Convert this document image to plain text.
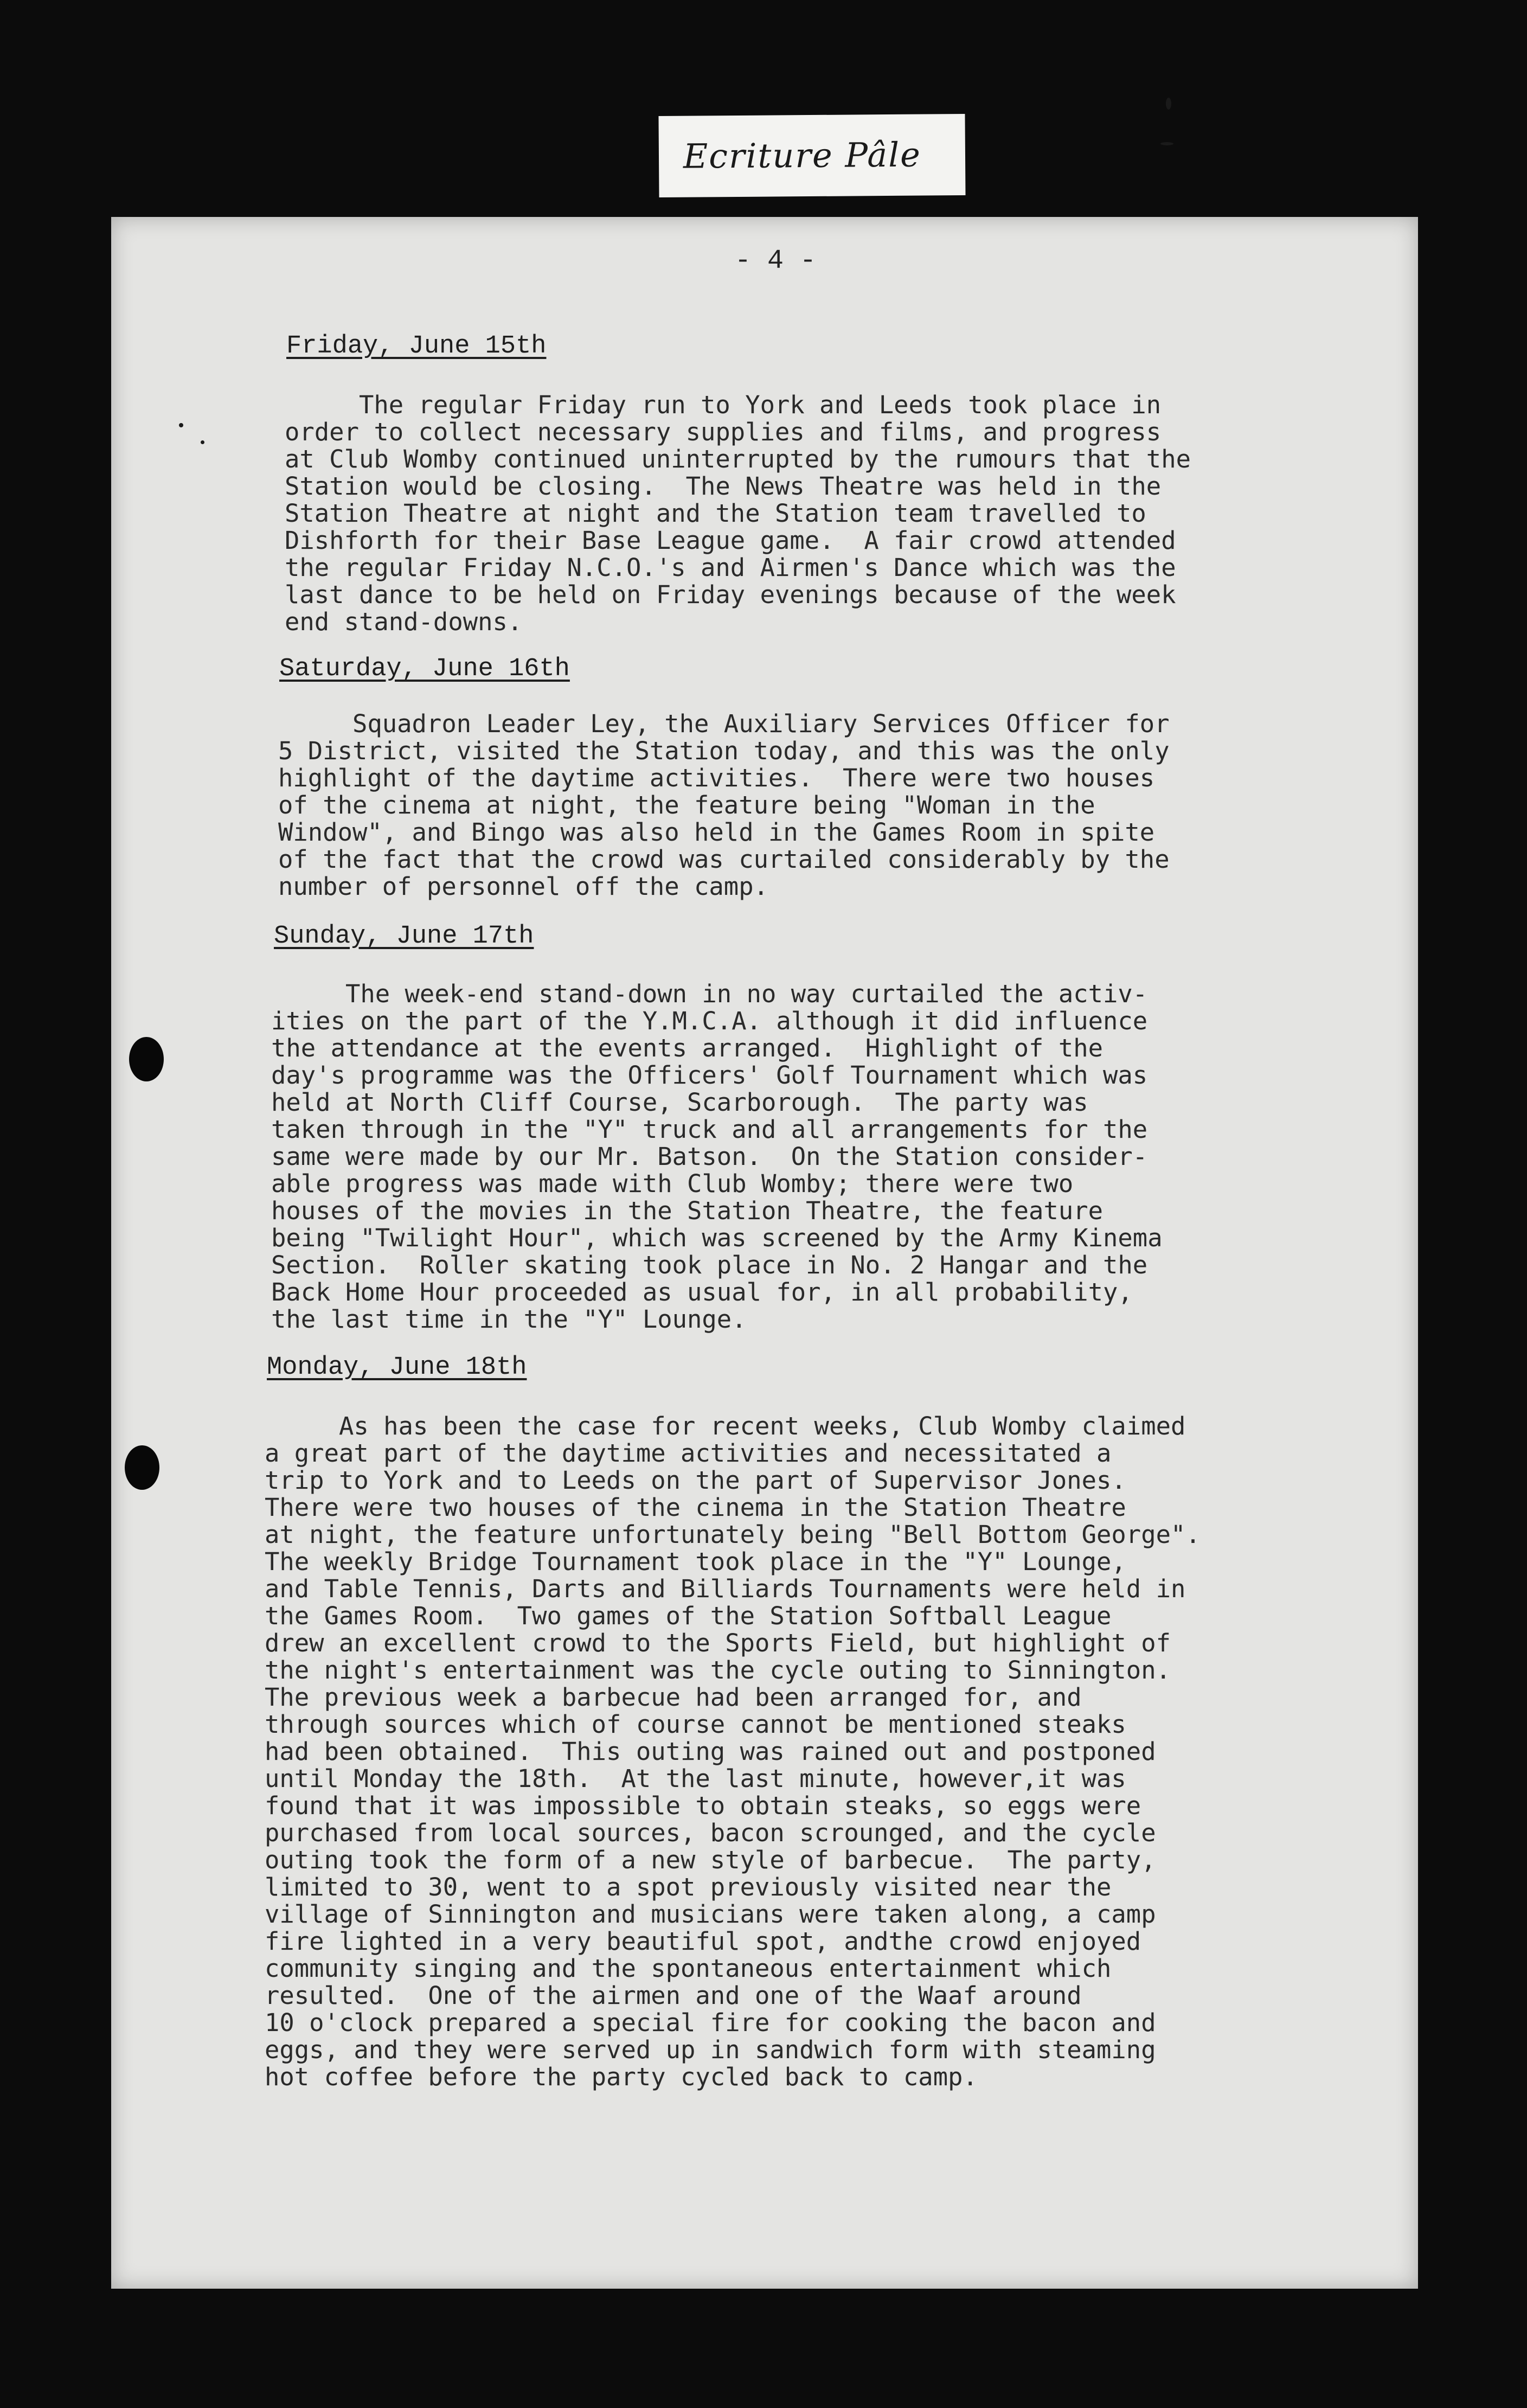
Ecriture Pâle
- 4 -
Friday, June 15th
The regular Friday run to York and Leeds took place in
order to collect necessary supplies and films, and progress
at Club Womby continued uninterrupted by the rumours that the
Station would be closing.  The News Theatre was held in the
Station Theatre at night and the Station team travelled to
Dishforth for their Base League game.  A fair crowd attended
the regular Friday N.C.O.'s and Airmen's Dance which was the
last dance to be held on Friday evenings because of the week
end stand-downs.
Saturday, June 16th
Squadron Leader Ley, the Auxiliary Services Officer for
5 District, visited the Station today, and this was the only
highlight of the daytime activities.  There were two houses
of the cinema at night, the feature being "Woman in the
Window", and Bingo was also held in the Games Room in spite
of the fact that the crowd was curtailed considerably by the
number of personnel off the camp.
Sunday, June 17th
The week-end stand-down in no way curtailed the activ-
ities on the part of the Y.M.C.A. although it did influence
the attendance at the events arranged.  Highlight of the
day's programme was the Officers' Golf Tournament which was
held at North Cliff Course, Scarborough.  The party was
taken through in the "Y" truck and all arrangements for the
same were made by our Mr. Batson.  On the Station consider-
able progress was made with Club Womby; there were two
houses of the movies in the Station Theatre, the feature
being "Twilight Hour", which was screened by the Army Kinema
Section.  Roller skating took place in No. 2 Hangar and the
Back Home Hour proceeded as usual for, in all probability,
the last time in the "Y" Lounge.
Monday, June 18th
As has been the case for recent weeks, Club Womby claimed
a great part of the daytime activities and necessitated a
trip to York and to Leeds on the part of Supervisor Jones.
There were two houses of the cinema in the Station Theatre
at night, the feature unfortunately being "Bell Bottom George".
The weekly Bridge Tournament took place in the "Y" Lounge,
and Table Tennis, Darts and Billiards Tournaments were held in
the Games Room.  Two games of the Station Softball League
drew an excellent crowd to the Sports Field, but highlight of
the night's entertainment was the cycle outing to Sinnington.
The previous week a barbecue had been arranged for, and
through sources which of course cannot be mentioned steaks
had been obtained.  This outing was rained out and postponed
until Monday the 18th.  At the last minute, however,it was
found that it was impossible to obtain steaks, so eggs were
purchased from local sources, bacon scrounged, and the cycle
outing took the form of a new style of barbecue.  The party,
limited to 30, went to a spot previously visited near the
village of Sinnington and musicians were taken along, a camp
fire lighted in a very beautiful spot, andthe crowd enjoyed
community singing and the spontaneous entertainment which
resulted.  One of the airmen and one of the Waaf around
10 o'clock prepared a special fire for cooking the bacon and
eggs, and they were served up in sandwich form with steaming
hot coffee before the party cycled back to camp.
